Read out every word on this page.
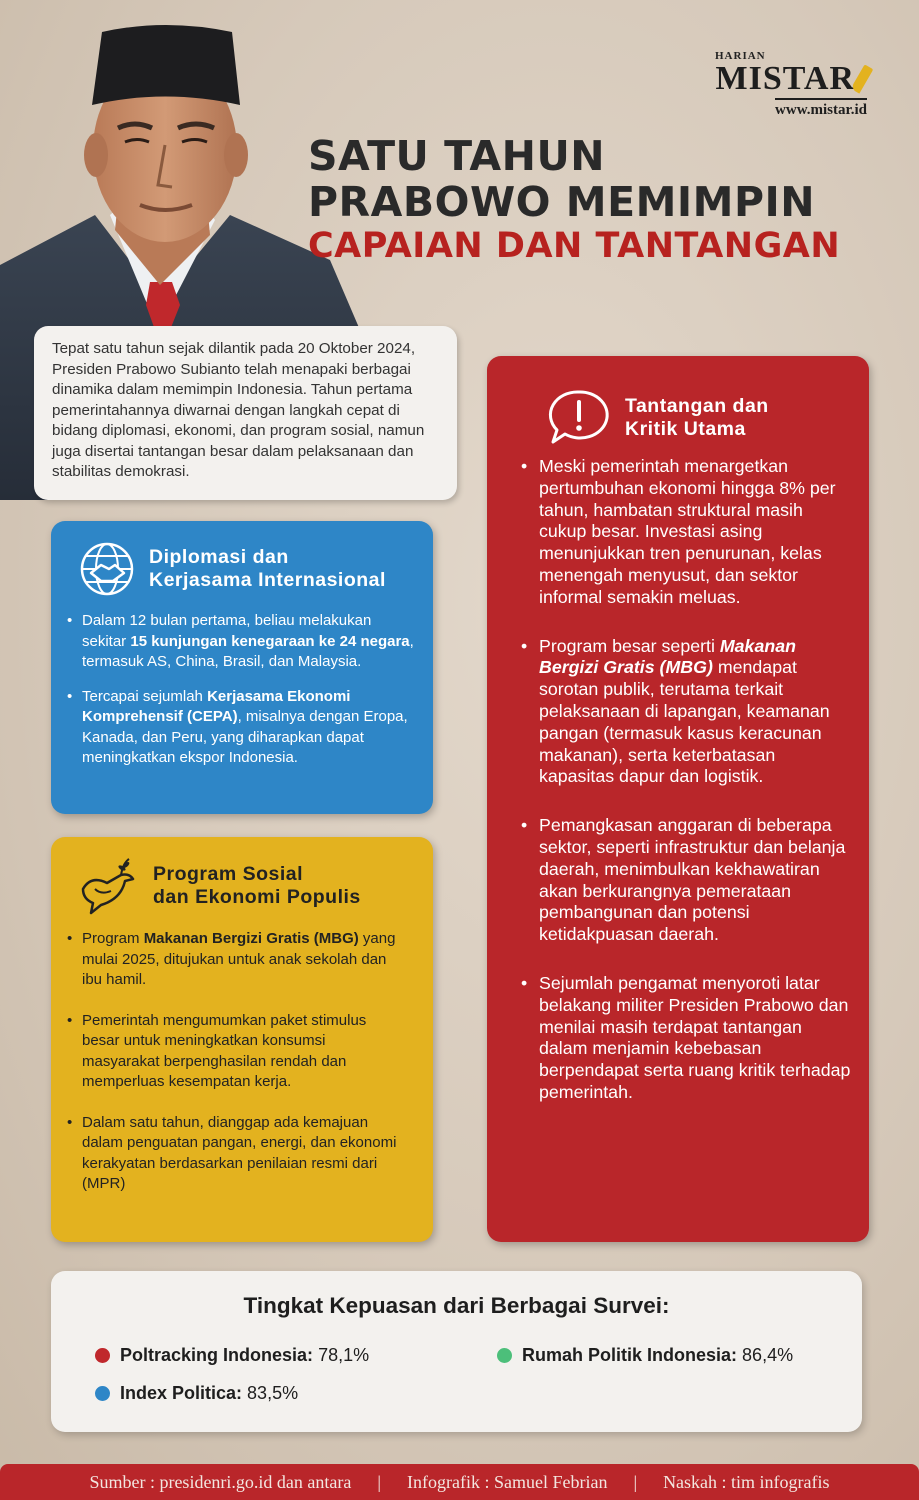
HARIAN
MISTAR
www.mistar.id
SATU TAHUN
PRABOWO MEMIMPIN
CAPAIAN DAN TANTANGAN

Tepat satu tahun sejak dilantik pada 20 Oktober 2024, Presiden Prabowo Subianto telah menapaki berbagai dinamika dalam memimpin Indonesia. Tahun pertama pemerintahannya diwarnai dengan langkah cepat di bidang diplomasi, ekonomi, dan program sosial, namun juga disertai tantangan besar dalam pelaksanaan dan stabilitas demokrasi.

Diplomasi dan
Kerjasama Internasional
• Dalam 12 bulan pertama, beliau melakukan sekitar 15 kunjungan kenegaraan ke 24 negara, termasuk AS, China, Brasil, dan Malaysia.
• Tercapai sejumlah Kerjasama Ekonomi Komprehensif (CEPA), misalnya dengan Eropa, Kanada, dan Peru, yang diharapkan dapat meningkatkan ekspor Indonesia.
Program Sosial
dan Ekonomi Populis
• Program Makanan Bergizi Gratis (MBG) yang mulai 2025, ditujukan untuk anak sekolah dan ibu hamil.
• Pemerintah mengumumkan paket stimulus besar untuk meningkatkan konsumsi masyarakat berpenghasilan rendah dan memperluas kesempatan kerja.
• Dalam satu tahun, dianggap ada kemajuan dalam penguatan pangan, energi, dan ekonomi kerakyatan berdasarkan penilaian resmi dari (MPR)
Tantangan dan
Kritik Utama
• Meski pemerintah menargetkan pertumbuhan ekonomi hingga 8% per tahun, hambatan struktural masih cukup besar. Investasi asing menunjukkan tren penurunan, kelas menengah menyusut, dan sektor informal semakin meluas.
• Program besar seperti Makanan Bergizi Gratis (MBG) mendapat sorotan publik, terutama terkait pelaksanaan di lapangan, keamanan pangan (termasuk kasus keracunan makanan), serta keterbatasan kapasitas dapur dan logistik.
• Pemangkasan anggaran di beberapa sektor, seperti infrastruktur dan belanja daerah, menimbulkan kekhawatiran akan berkurangnya pemerataan pembangunan dan potensi ketidakpuasan daerah.
• Sejumlah pengamat menyoroti latar belakang militer Presiden Prabowo dan menilai masih terdapat tantangan dalam menjamin kebebasan berpendapat serta ruang kritik terhadap pemerintah.
Tingkat Kepuasan dari Berbagai Survei:
Poltracking Indonesia: 78,1%	Rumah Politik Indonesia: 86,4%
Index Politica: 83,5%
Sumber : presidenri.go.id dan antara | Infografik : Samuel Febrian | Naskah : tim infografis
